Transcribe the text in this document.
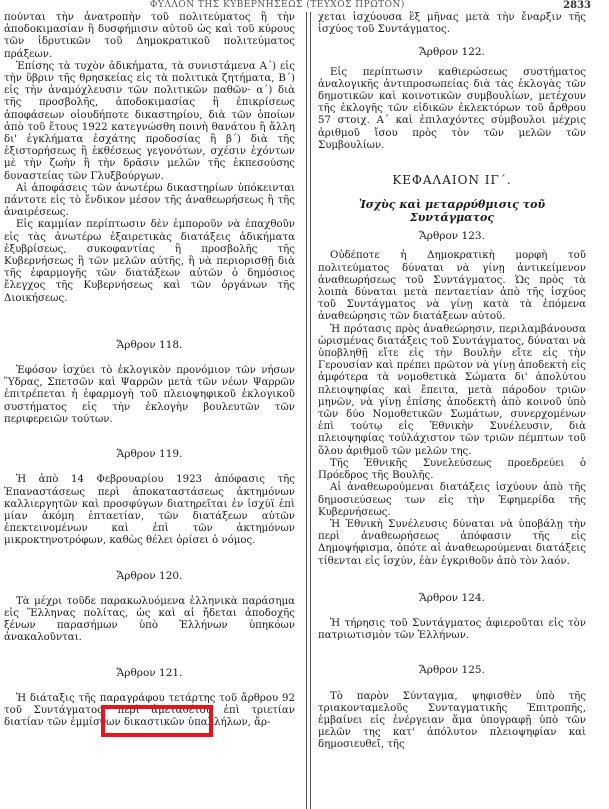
ΦΥΛΛΟΝ ΤΗΣ ΚΥΒΕΡΝΗΣΕΩΣ (ΤΕΥΧΟΣ ΠΡΩΤΟΝ)	2833

πούνται τὴν ἀνατροπὴν τοῦ πολιτεύματος ἢ τὴν ἀποδοκιμασίαν ἢ δυσφήμισιν αὐτοῦ ὡς καὶ τοῦ κύρους τῶν ἱδρυτικῶν τοῦ Δημοκρατικοῦ πολιτεύματος πράξεων.

Ἐπίσης τὰ τυχὸν ἀδικήματα, τὰ συνιστάμενα Α΄) εἰς τὴν ὕβριν τῆς θρησκείας εἰς τὰ πολιτικὰ ζητήματα, Β΄) εἰς τὴν ἀναμόχλευσιν τῶν πολιτικῶν παθῶν· α΄) διὰ τῆς προσβολῆς, ἀποδοκιμασίας ἢ ἐπικρίσεως ἀποφάσεων οἱουδήποτε δικαστηρίου, διὰ τῶν ὁποίων ἀπὸ τοῦ ἔτους 1922 κατεγνώσθη ποινὴ θανάτου ἢ ἄλλη δι' ἐγκλήματα ἐσχάτης προδοσίας ἢ β΄) διὰ τῆς ἐξιστορήσεως ἢ ἐκθέσεως γεγονότων, σχέσιν ἐχόντων μὲ τὴν ζωὴν ἢ τὴν δρᾶσιν μελῶν τῆς ἐκπεσούσης δυναστείας τῶν Γλυξβούργων.

Αἱ ἀποφάσεις τῶν ἀνωτέρω δικαστηρίων ὑπόκεινται πάντοτε εἰς τὸ ἔνδικον μέσον τῆς ἀναθεωρήσεως ἢ τῆς ἀναιρέσεως.

Εἰς καμμίαν περίπτωσιν δὲν ἐμποροῦν νὰ ἐπαχθοῦν εἰς τὰς ἀνωτέρω ἐξαιρετικὰς διατάξεις ἀδικήματα ἐξυβρίσεως, συκοφαντίας ἢ προσβολῆς τῆς Κυβερνήσεως ἢ τῶν μελῶν αὐτῆς, ἢ νὰ περιορισθῇ διὰ τῆς ἐφαρμογῆς τῶν διατάξεων αὐτῶν ὁ δημόσιος ἔλεγχος τῆς Κυβερνήσεως καὶ τῶν ὀργάνων τῆς Διοικήσεως.

Ἄρθρον 118.

Ἐφόσον ἰσχύει τὸ ἐκλογικὸν προνόμιον τῶν νήσων Ὕδρας, Σπετσῶν καὶ Ψαρρῶν μετὰ τῶν νέων Ψαρρῶν ἐπιτρέπεται ἡ ἐφαρμογὴ τοῦ πλειοψηφικοῦ ἐκλογικοῦ συστήματος εἰς τὴν ἐκλογὴν βουλευτῶν τῶν περιφερειῶν τούτων.

Ἄρθρον 119.

Ἡ ἀπὸ 14 Φεβρουαρίου 1923 ἀπόφασις τῆς Ἐπαναστάσεως περὶ ἀποκαταστάσεως ἀκτημόνων καλλιεργητῶν καὶ προσφύγων διατηρεῖται ἐν ἰσχύϊ ἐπὶ μίαν ἀκόμη ἑπταετίαν, τῶν διατάξεων αὐτῶν ἐπεκτεινομένων καὶ ἐπὶ τῶν ἀκτημόνων μικροκτηνοτρόφων, καθὼς θέλει ὁρίσει ὁ νόμος.

Ἄρθρον 120.

Τὰ μέχρι τοῦδε παρακωλυόμενα ἑλληνικὰ παράσημα εἰς Ἕλληνας πολίτας, ὡς καὶ αἱ ἤδεται ἀποδοχῆς ξένων παρασήμων ὑπὸ Ἑλλήνων ὑπηκόων ἀνακαλοῦνται.

Ἄρθρον 121.

Ἡ διάταξις τῆς παραγράφου τετάρτης τοῦ ἄρθρου 92 τοῦ Συντάγματος, περὶ ἀμεταθέτου ἐπὶ τριετίαν διατίαν τῶν ἐμμίσθων δικαστικῶν ὑπαλλήλων, ἄρ-

χεται ἰσχύουσα ἓξ μῆνας μετὰ τὴν ἔναρξιν τῆς ἰσχύος τοῦ Συντάγματος.

Ἄρθρον 122.

Εἰς περίπτωσιν καθιερώσεως συστήματος ἀναλογικῆς ἀντιπροσωπείας διὰ τὰς ἐκλογὰς τῶν δημοτικῶν καὶ κοινοτικῶν συμβουλίων, μετέχουν τῆς ἐκλογῆς τῶν εἰδικῶν ἐκλεκτόρων τοῦ ἄρθρου 57 στοιχ. Α΄ καὶ ἐπιλαχόντες σύμβουλοι μέχρις ἀριθμοῦ ἴσου πρὸς τὸν τῶν μελῶν τῶν Συμβουλίων.

ΚΕΦΑΛΑΙΟΝ ΙΓ΄.
Ἰσχὺς καὶ μεταρρύθμισις τοῦ Συντάγματος
Ἄρθρον 123.

Οὐδέποτε ἡ Δημοκρατικὴ μορφὴ τοῦ πολιτεύματος δύναται νὰ γίνῃ ἀντικείμενον ἀναθεωρήσεως τοῦ Συντάγματος. Ὡς πρὸς τὰ λοιπὰ δύναται μετὰ πενταετίαν ἀπὸ τῆς ἰσχύος τοῦ Συντάγματος νὰ γίνῃ κατὰ τὰ ἑπόμενα ἀναθεώρησις τῶν διατάξεων αὐτοῦ.

Ἡ πρότασις πρὸς ἀναθεώρησιν, περιλαμβάνουσα ὡρισμένας διατάξεις τοῦ Συντάγματος, δύναται νὰ ὑποβληθῇ εἴτε εἰς τὴν Βουλὴν εἴτε εἰς τὴν Γερουσίαν καὶ πρέπει πρῶτον νὰ γίνῃ ἀποδεκτὴ εἰς ἀμφότερα τὰ νομοθετικὰ Σώματα δι' ἀπολύτου πλειοψηφίας καὶ ἔπειτα, μετὰ πάροδον τριῶν μηνῶν, νὰ γίνῃ ἐπίσης ἀποδεκτὴ ἀπὸ κοινοῦ ὑπὸ τῶν δύο Νομοθετικῶν Σωμάτων, συνερχομένων ἐπὶ τούτῳ εἰς Ἐθνικὴν Συνέλευσιν, διὰ πλειοψηφίας τοὐλάχιστον τῶν τριῶν πέμπτων τοῦ ὅλου ἀριθμοῦ τῶν μελῶν της.

Τῆς Ἐθνικῆς Συνελεύσεως προεδρεύει ὁ Πρόεδρος τῆς Βουλῆς.

Αἱ ἀναθεωρούμεναι διατάξεις ἰσχύουν ἀπὸ τῆς δημοσιεύσεως των εἰς τὴν Ἐφημερίδα τῆς Κυβερνήσεως.

Ἡ Ἐθνικὴ Συνέλευσις δύναται νὰ ὑποβάλῃ τὴν περὶ ἀναθεωρήσεως ἀπόφασιν τῆς εἰς Δημοψήφισμα, ὁπότε αἱ ἀναθεωρούμεναι διατάξεις τίθενται εἰς ἰσχύν, ἐὰν ἐγκριθοῦν ἀπὸ τὸν λαόν.

Ἄρθρον 124.

Ἡ τήρησις τοῦ Συντάγματος ἀφιεροῦται εἰς τὸν πατριωτισμὸν τῶν Ἑλλήνων.

Ἄρθρον 125.

Τὸ παρὸν Σύνταγμα, ψηφισθὲν ὑπὸ τῆς τριακονταμελοῦς Συνταγματικῆς Ἐπιτροπῆς, ἐμβαίνει εἰς ἐνέργειαν ἅμα ὑπογραφῇ ὑπὸ τῶν μελῶν της κατ' ἀπόλυτον πλειοψηφίαν καὶ δημοσιευθεῖ, τῆς
